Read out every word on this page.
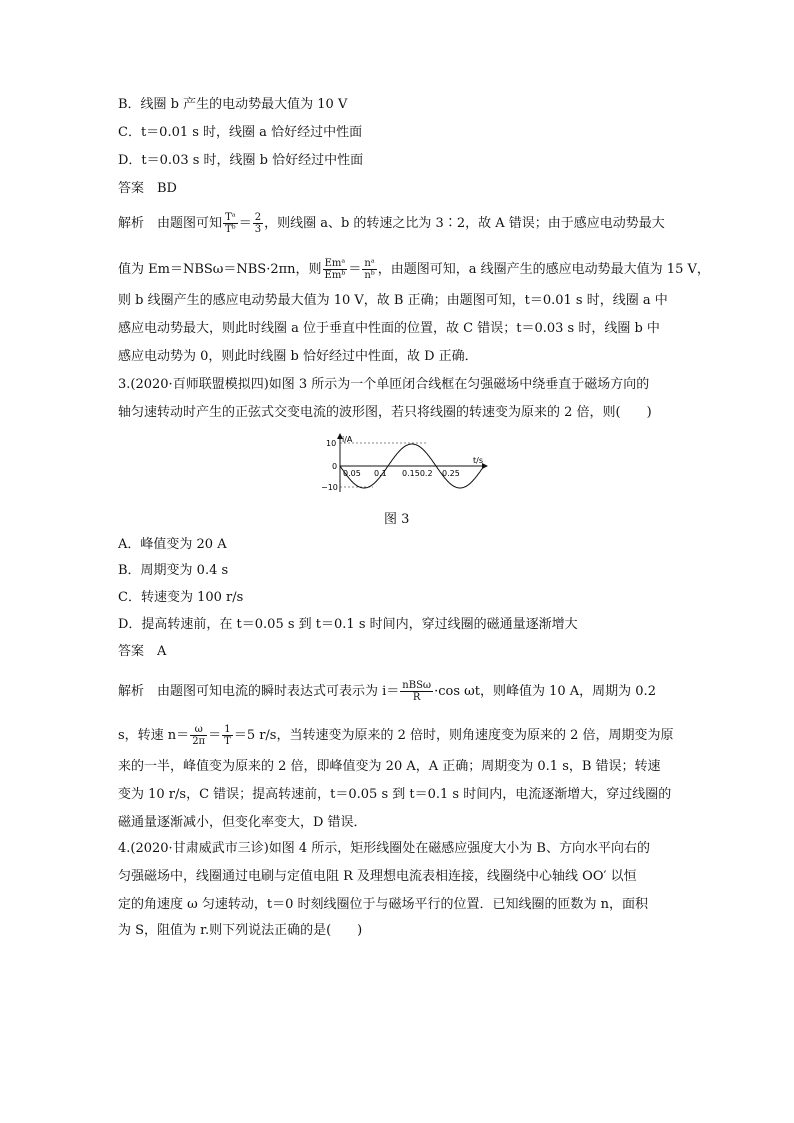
B．线圈 b 产生的电动势最大值为 10 V
C．t＝0.01 s 时，线圈 a 恰好经过中性面
D．t＝0.03 s 时，线圈 b 恰好经过中性面
答案　BD
解析　由题图可知 $\frac{\text{Tᵃ}}{\text{Tᵇ}} = \frac{2}{3}$ ，则线圈 a、b 的转速之比为 3∶2，故 A 错误；由于感应电动势最大
值为 Em＝NBSω＝NBS·2πn，则 $\frac{\text{Emᵃ}}{\text{Emᵇ}} = \frac{\text{nᵃ}}{\text{nᵇ}}$ ，由题图可知，a 线圈产生的感应电动势最大值为 15 V，
则 b 线圈产生的感应电动势最大值为 10 V，故 B 正确；由题图可知，t＝0.01 s 时，线圈 a 中
感应电动势最大，则此时线圈 a 位于垂直中性面的位置，故 C 错误；t＝0.03 s 时，线圈 b 中
感应电动势为 0，则此时线圈 b 恰好经过中性面，故 D 正确．
3.(2020·百师联盟模拟四)如图 3 所示为一个单匝闭合线框在匀强磁场中绕垂直于磁场方向的
轴匀速转动时产生的正弦式交变电流的波形图，若只将线圈的转速变为原来的 2 倍，则(　　)
i/A
t/s
10
0
−10
0.05 0.1 0.150.2 0.25
图 3
A．峰值变为 20 A
B．周期变为 0.4 s
C．转速变为 100 r/s
D．提高转速前，在 t＝0.05 s 到 t＝0.1 s 时间内，穿过线圈的磁通量逐渐增大
答案　A
解析　由题图可知电流的瞬时表达式可表示为 $i= \frac{\text{nBSω}}{R} \cdot\cos$ ωt，则峰值为 10 A，周期为 0.2
s，转速 $n= \frac{\omega}{2\pi} = \frac{1}{T} =5$ r/s，当转速变为原来的 2 倍时，则角速度变为原来的 2 倍，周期变为原
来的一半，峰值变为原来的 2 倍，即峰值变为 20 A，A 正确；周期变为 0.1 s，B 错误；转速
变为 10 r/s，C 错误；提高转速前，t＝0.05 s 到 t＝0.1 s 时间内，电流逐渐增大，穿过线圈的
磁通量逐渐减小，但变化率变大，D 错误．
4.(2020·甘肃威武市三诊)如图 4 所示，矩形线圈处在磁感应强度大小为 B、方向水平向右的
匀强磁场中，线圈通过电刷与定值电阻 R 及理想电流表相连接，线圈绕中心轴线 OO′ 以恒
定的角速度 ω 匀速转动，t＝0 时刻线圈位于与磁场平行的位置．已知线圈的匝数为 n，面积
为 S，阻值为 r.则下列说法正确的是(　　)
